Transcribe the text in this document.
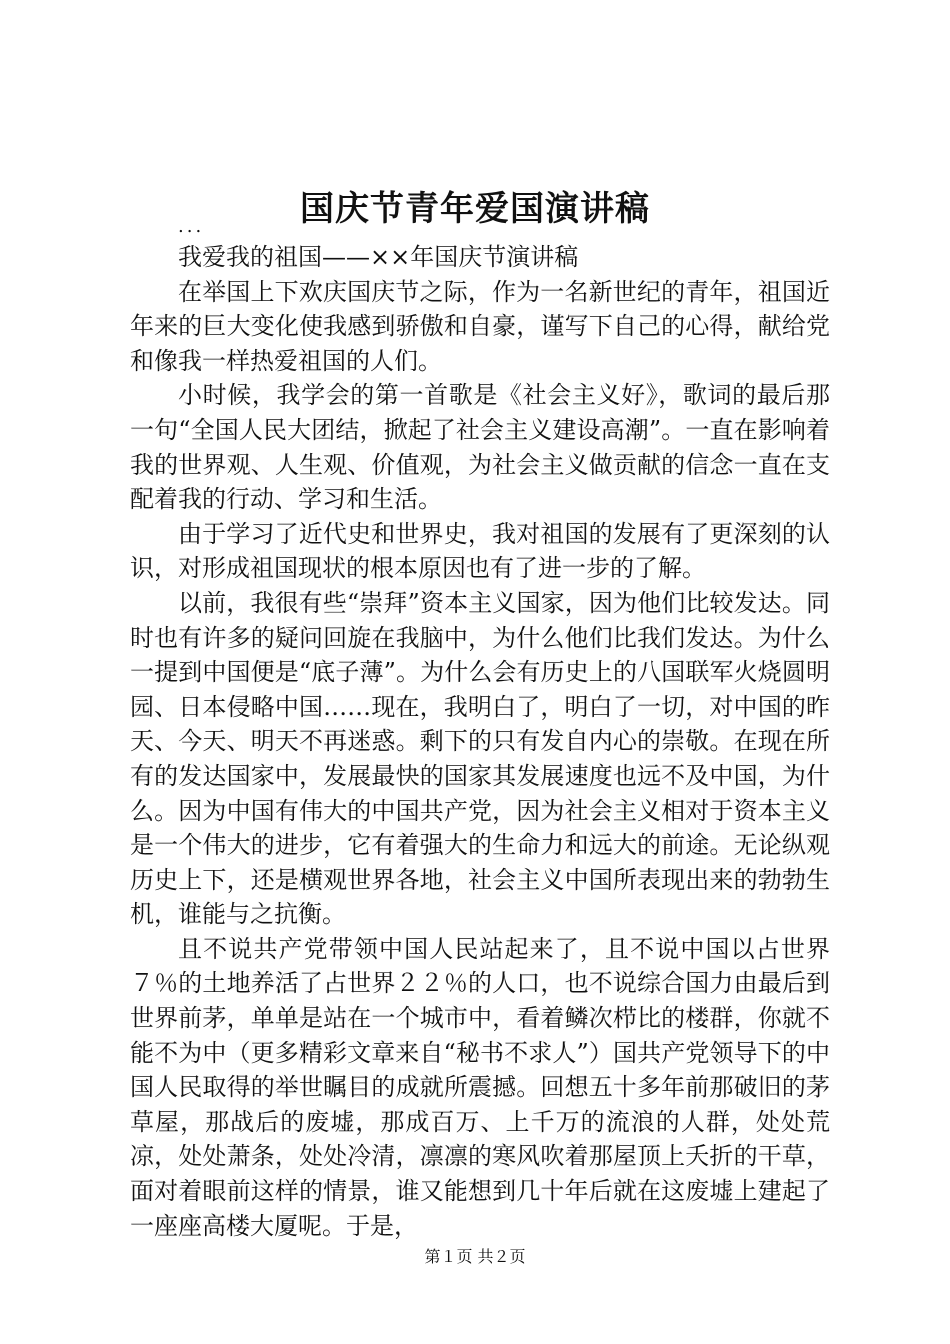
国庆节青年爱国演讲稿
...

我爱我的祖国——××年国庆节演讲稿

在举国上下欢庆国庆节之际，作为一名新世纪的青年，祖国近年来的巨大变化使我感到骄傲和自豪，谨写下自己的心得，献给党和像我一样热爱祖国的人们。

小时候，我学会的第一首歌是《社会主义好》，歌词的最后那一句“全国人民大团结，掀起了社会主义建设高潮”。一直在影响着我的世界观、人生观、价值观，为社会主义做贡献的信念一直在支配着我的行动、学习和生活。

由于学习了近代史和世界史，我对祖国的发展有了更深刻的认识，对形成祖国现状的根本原因也有了进一步的了解。

以前，我很有些“崇拜”资本主义国家，因为他们比较发达。同时也有许多的疑问回旋在我脑中，为什么他们比我们发达。为什么一提到中国便是“底子薄”。为什么会有历史上的八国联军火烧圆明园、日本侵略中国……现在，我明白了，明白了一切，对中国的昨天、今天、明天不再迷惑。剩下的只有发自内心的崇敬。在现在所有的发达国家中，发展最快的国家其发展速度也远不及中国，为什么。因为中国有伟大的中国共产党，因为社会主义相对于资本主义是一个伟大的进步，它有着强大的生命力和远大的前途。无论纵观历史上下，还是横观世界各地，社会主义中国所表现出来的勃勃生机，谁能与之抗衡。

且不说共产党带领中国人民站起来了，且不说中国以占世界７％的土地养活了占世界２２％的人口，也不说综合国力由最后到世界前茅，单单是站在一个城市中，看着鳞次栉比的楼群，你就不能不为中（更多精彩文章来自“秘书不求人”）国共产党领导下的中国人民取得的举世瞩目的成就所震撼。回想五十多年前那破旧的茅草屋，那战后的废墟，那成百万、上千万的流浪的人群，处处荒凉，处处萧条，处处冷清，凛凛的寒风吹着那屋顶上夭折的干草，面对着眼前这样的情景，谁又能想到几十年后就在这废墟上建起了一座座高楼大厦呢。于是，

第１页 共２页
